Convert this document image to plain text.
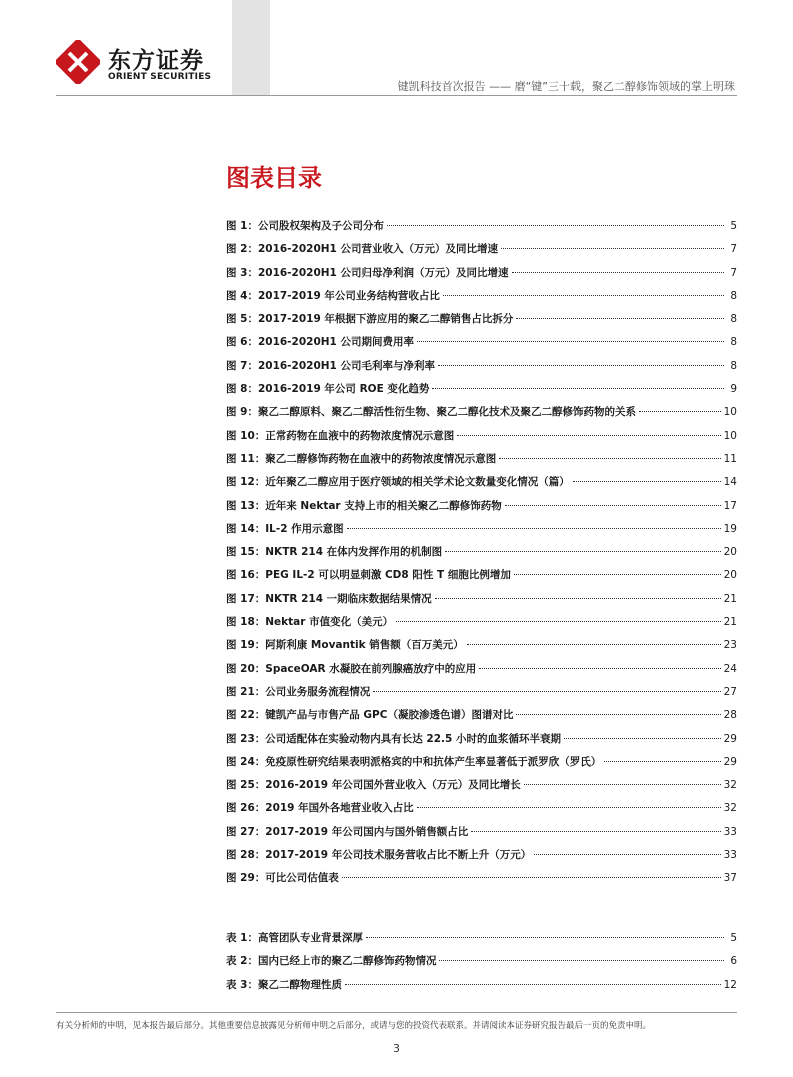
东方证券
ORIENT SECURITIES
键凯科技首次报告 —— 磨“键”三十载，聚乙二醇修饰领域的掌上明珠
图表目录
图 1：公司股权架构及子公司分布	5
图 2：2016-2020H1 公司营业收入（万元）及同比增速	7
图 3：2016-2020H1 公司归母净利润（万元）及同比增速	7
图 4：2017-2019 年公司业务结构营收占比	8
图 5：2017-2019 年根据下游应用的聚乙二醇销售占比拆分	8
图 6：2016-2020H1 公司期间费用率	8
图 7：2016-2020H1 公司毛利率与净利率	8
图 8：2016-2019 年公司 ROE 变化趋势	9
图 9：聚乙二醇原料、聚乙二醇活性衍生物、聚乙二醇化技术及聚乙二醇修饰药物的关系	10
图 10：正常药物在血液中的药物浓度情况示意图	10
图 11：聚乙二醇修饰药物在血液中的药物浓度情况示意图	11
图 12：近年聚乙二醇应用于医疗领域的相关学术论文数量变化情况（篇）	14
图 13：近年来 Nektar 支持上市的相关聚乙二醇修饰药物	17
图 14：IL-2 作用示意图	19
图 15：NKTR 214 在体内发挥作用的机制图	20
图 16：PEG IL-2 可以明显刺激 CD8 阳性 T 细胞比例增加	20
图 17：NKTR 214 一期临床数据结果情况	21
图 18：Nektar 市值变化（美元）	21
图 19：阿斯利康 Movantik 销售额（百万美元）	23
图 20：SpaceOAR 水凝胶在前列腺癌放疗中的应用	24
图 21：公司业务服务流程情况	27
图 22：键凯产品与市售产品 GPC（凝胶渗透色谱）图谱对比	28
图 23：公司适配体在实验动物内具有长达 22.5 小时的血浆循环半衰期	29
图 24：免疫原性研究结果表明派格宾的中和抗体产生率显著低于派罗欣（罗氏）	29
图 25：2016-2019 年公司国外营业收入（万元）及同比增长	32
图 26：2019 年国外各地营业收入占比	32
图 27：2017-2019 年公司国内与国外销售额占比	33
图 28：2017-2019 年公司技术服务营收占比不断上升（万元）	33
图 29：可比公司估值表	37
表 1：高管团队专业背景深厚	5
表 2：国内已经上市的聚乙二醇修饰药物情况	6
表 3：聚乙二醇物理性质	12
有关分析师的申明，见本报告最后部分。其他重要信息披露见分析师申明之后部分，或请与您的投资代表联系。并请阅读本证券研究报告最后一页的免责申明。
3
